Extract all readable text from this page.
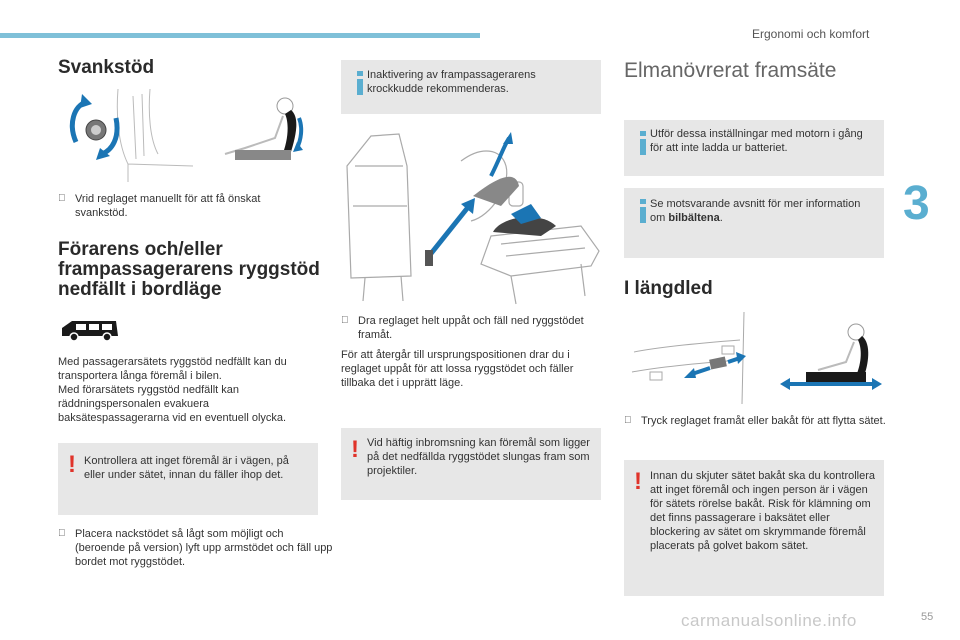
Ergonomi och komfort
3
Svankstöd
Vrid reglaget manuellt för att få önskat svankstöd.
Förarens och/eller frampassagerarens ryggstöd nedfällt i bordläge

Med passagerarsätets ryggstöd nedfällt kan du transportera långa föremål i bilen.
Med förarsätets ryggstöd nedfällt kan räddningspersonalen evakuera baksätespassagerarna vid en eventuell olycka.

! Kontrollera att inget föremål är i vägen, på eller under sätet, innan du fäller ihop det.
Placera nackstödet så lågt som möjligt och (beroende på version) lyft upp armstödet och fäll upp bordet mot ryggstödet.
Inaktivering av frampassagerarens krockkudde rekommenderas.
Dra reglaget helt uppåt och fäll ned ryggstödet framåt.

För att återgår till ursprungspositionen drar du i reglaget uppåt för att lossa ryggstödet och fäller tillbaka det i upprätt läge.

! Vid häftig inbromsning kan föremål som ligger på det nedfällda ryggstödet slungas fram som projektiler.
Elmanövrerat framsäte
Utför dessa inställningar med motorn i gång för att inte ladda ur batteriet.
Se motsvarande avsnitt för mer information om bilbältena.
I längdled
Tryck reglaget framåt eller bakåt för att flytta sätet.
! Innan du skjuter sätet bakåt ska du kontrollera att inget föremål och ingen person är i vägen för sätets rörelse bakåt. Risk för klämning om det finns passagerare i baksätet eller blockering av sätet om skrymmande föremål placerats på golvet bakom sätet.
carmanualsonline.info	55
